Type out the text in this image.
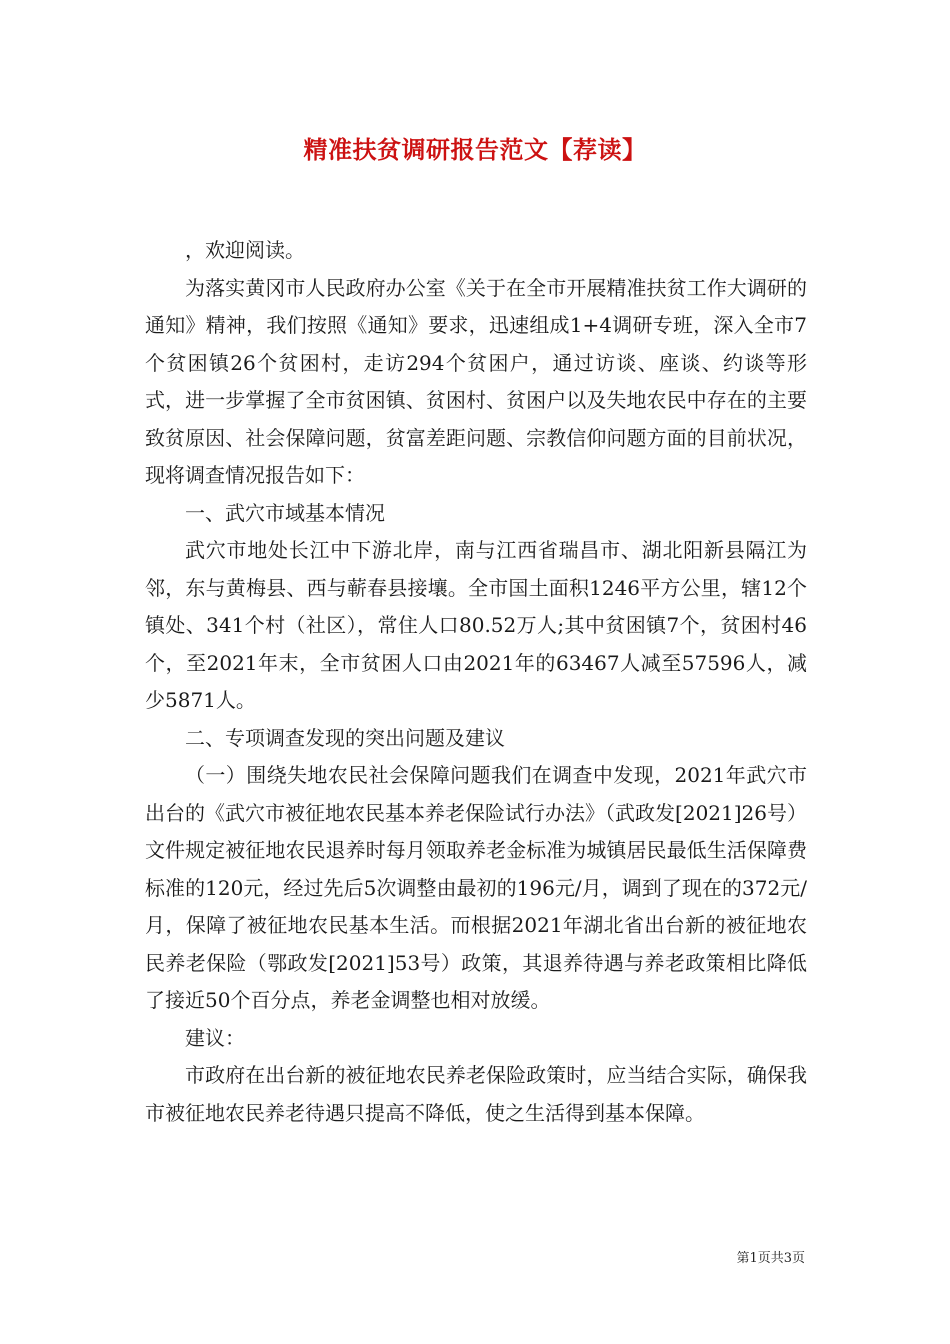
精准扶贫调研报告范文【荐读】

，欢迎阅读。

为落实黄冈市人民政府办公室《关于在全市开展精准扶贫工作大调研的通知》精神，我们按照《通知》要求，迅速组成1+4调研专班，深入全市7个贫困镇26个贫困村，走访294个贫困户，通过访谈、座谈、约谈等形式，进一步掌握了全市贫困镇、贫困村、贫困户以及失地农民中存在的主要致贫原因、社会保障问题，贫富差距问题、宗教信仰问题方面的目前状况，现将调查情况报告如下：

一、武穴市域基本情况

武穴市地处长江中下游北岸，南与江西省瑞昌市、湖北阳新县隔江为邻，东与黄梅县、西与蕲春县接壤。全市国土面积1246平方公里，辖12个镇处、341个村（社区），常住人口80.52万人;其中贫困镇7个，贫困村46个，至2021年末，全市贫困人口由2021年的63467人减至57596人，减少5871人。

二、专项调查发现的突出问题及建议

（一）围绕失地农民社会保障问题我们在调查中发现，2021年武穴市出台的《武穴市被征地农民基本养老保险试行办法》（武政发[2021]26号）文件规定被征地农民退养时每月领取养老金标准为城镇居民最低生活保障费标准的120元，经过先后5次调整由最初的196元/月，调到了现在的372元/月，保障了被征地农民基本生活。而根据2021年湖北省出台新的被征地农民养老保险（鄂政发[2021]53号）政策，其退养待遇与养老政策相比降低了接近50个百分点，养老金调整也相对放缓。

建议：

市政府在出台新的被征地农民养老保险政策时，应当结合实际，确保我市被征地农民养老待遇只提高不降低，使之生活得到基本保障。

第1页共3页
